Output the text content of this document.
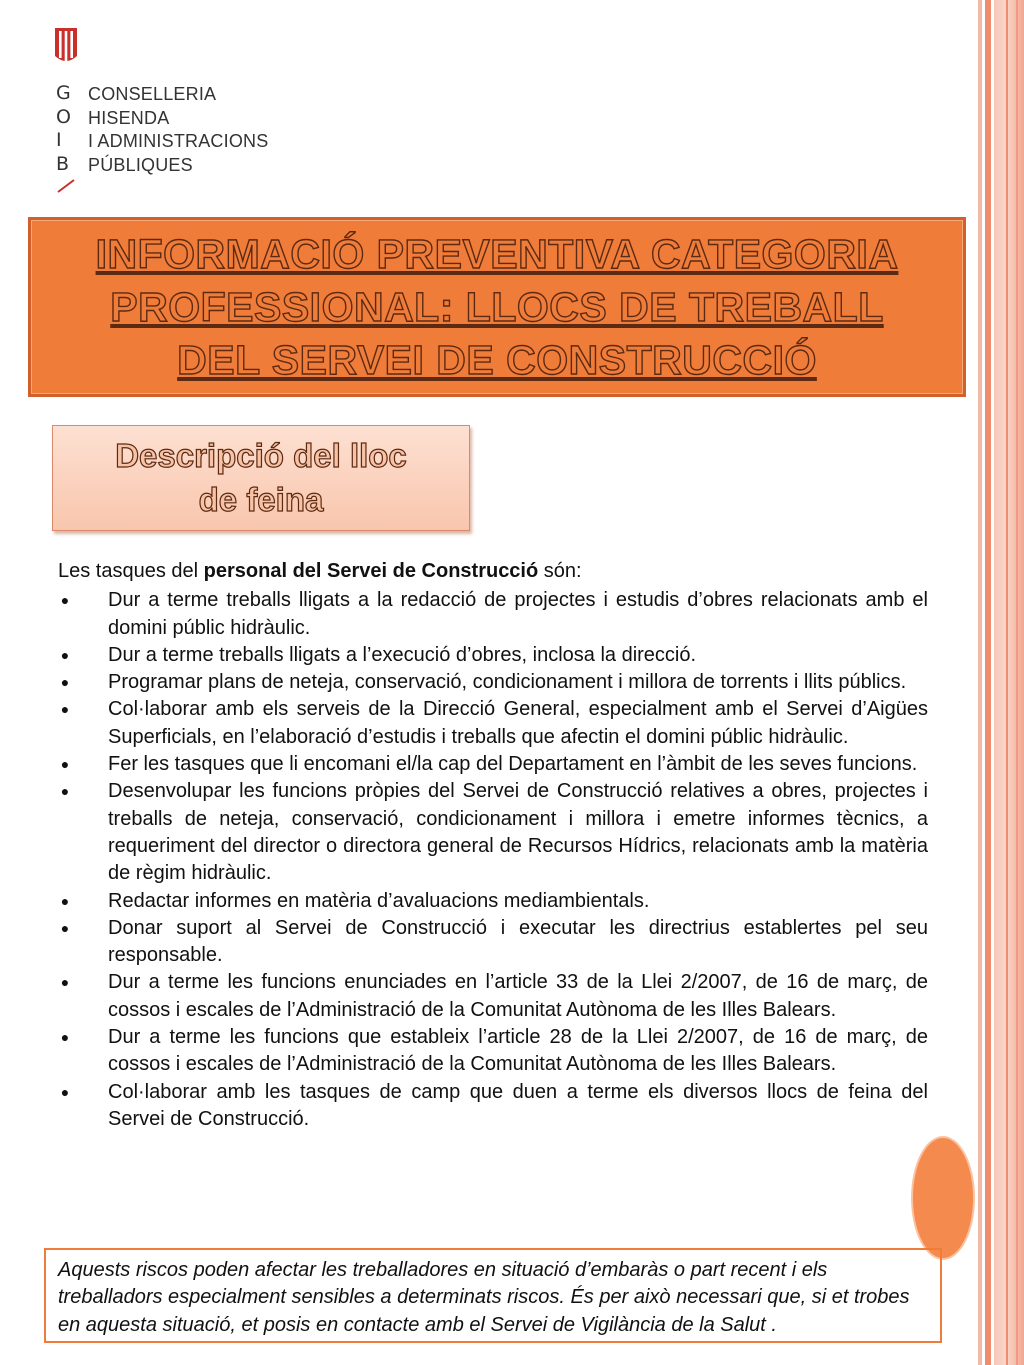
G
O
I
B
CONSELLERIA
HISENDA
I ADMINISTRACIONS
PÚBLIQUES
INFORMACIÓ PREVENTIVA CATEGORIA
PROFESSIONAL: LLOCS DE TREBALL
DEL SERVEI DE CONSTRUCCIÓ
Descripció del lloc
de feina

Les tasques del personal del Servei de Construcció són:

● Dur a terme treballs lligats a la redacció de projectes i estudis d’obres relacionats amb el domini públic hidràulic.
● Dur a terme treballs lligats a l’execució d’obres, inclosa la direcció.
● Programar plans de neteja, conservació, condicionament i millora de torrents i llits públics.
● Col·laborar amb els serveis de la Direcció General, especialment amb el Servei d’Aigües Superficials, en l’elaboració d’estudis i treballs que afectin el domini públic hidràulic.
● Fer les tasques que li encomani el/la cap del Departament en l’àmbit de les seves funcions.
● Desenvolupar les funcions pròpies del Servei de Construcció relatives a obres, projectes i treballs de neteja, conservació, condicionament i millora i emetre informes tècnics, a requeriment del director o directora general de Recursos Hídrics, relacionats amb la matèria de règim hidràulic.
● Redactar informes en matèria d’avaluacions mediambientals.
● Donar suport al Servei de Construcció i executar les directrius establertes pel seu responsable.
● Dur a terme les funcions enunciades en l’article 33 de la Llei 2/2007, de 16 de març, de cossos i escales de l’Administració de la Comunitat Autònoma de les Illes Balears.
● Dur a terme les funcions que estableix l’article 28 de la Llei 2/2007, de 16 de març, de cossos i escales de l’Administració de la Comunitat Autònoma de les Illes Balears.
● Col·laborar amb les tasques de camp que duen a terme els diversos llocs de feina del Servei de Construcció.
Aquests riscos poden afectar les treballadores en situació d’embaràs o part recent i els treballadors especialment sensibles a determinats riscos. És per això necessari que, si et trobes en aquesta situació, et posis en contacte amb el Servei de Vigilància de la Salut .
